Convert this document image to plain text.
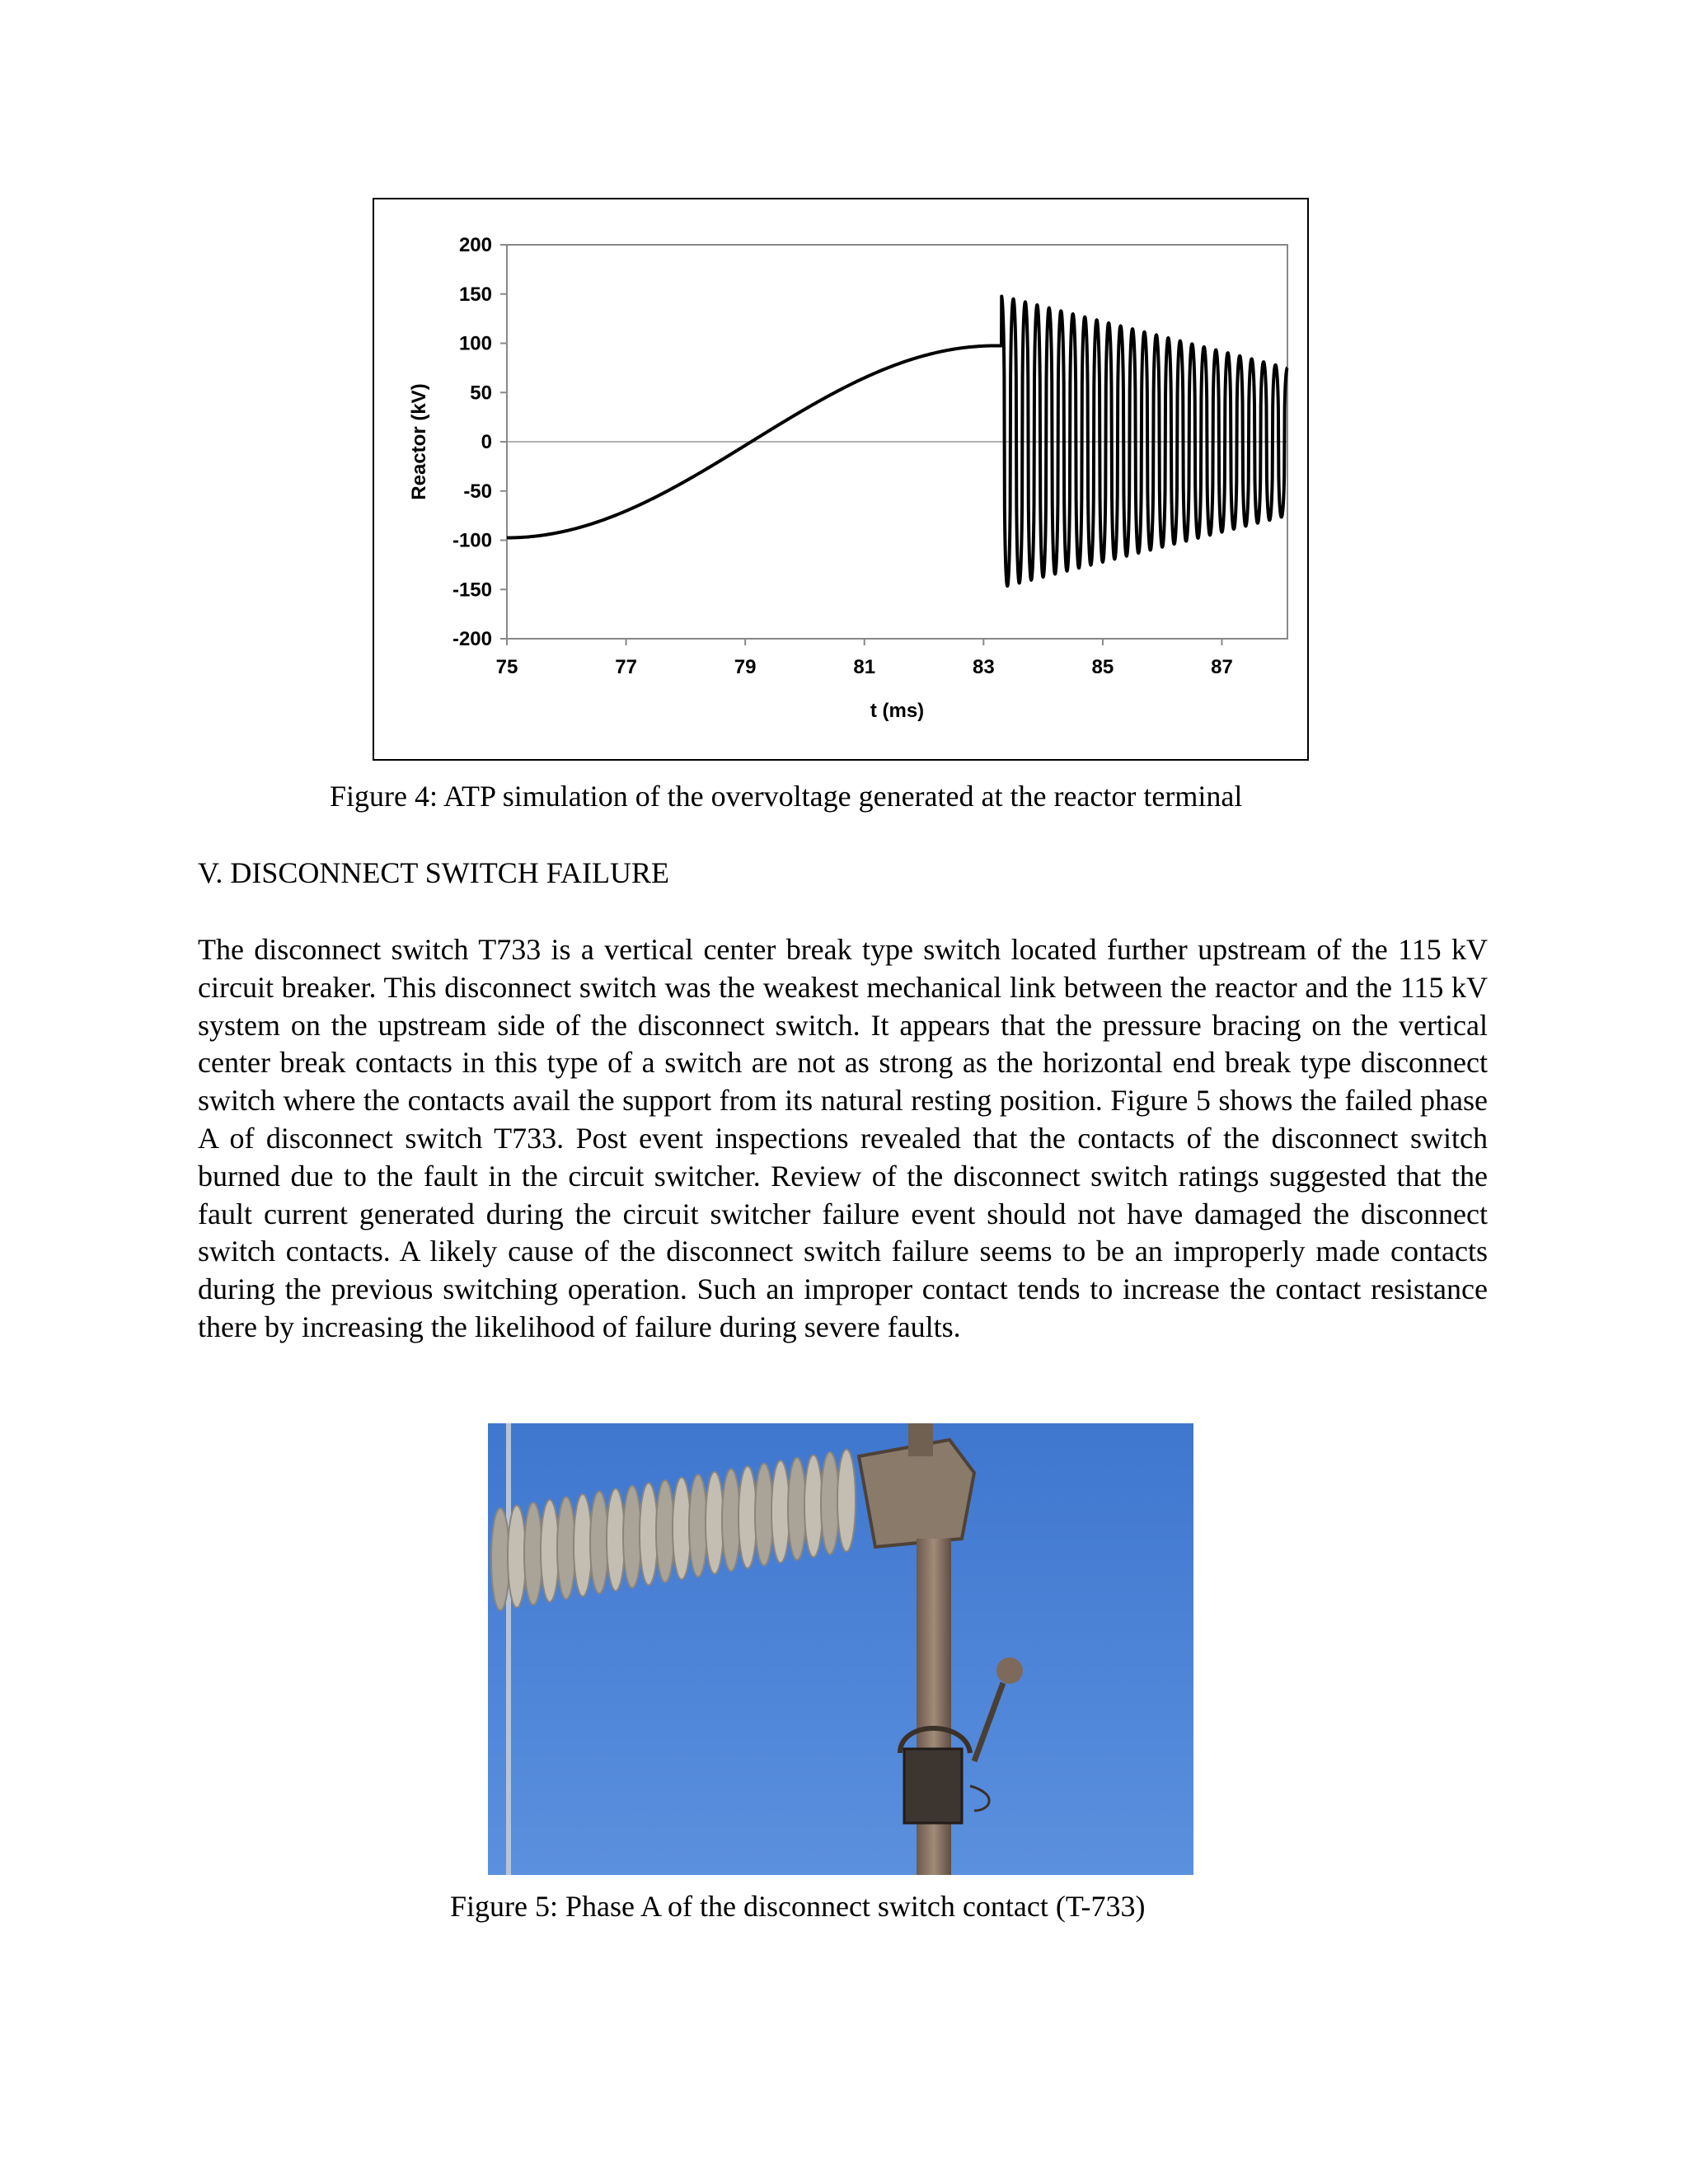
200
150
100
50
0
-50
-100
-150
-200
75	77	79	81	83	85	87
Reactor (kV)
t (ms)
Figure 4: ATP simulation of the overvoltage generated at the reactor terminal
V. DISCONNECT SWITCH FAILURE
The disconnect switch T733 is a vertical center break type switch located further upstream of the 115 kV circuit breaker. This disconnect switch was the weakest mechanical link between the reactor and the 115 kV system on the upstream side of the disconnect switch. It appears that the pressure bracing on the vertical center break contacts in this type of a switch are not as strong as the horizontal end break type disconnect switch where the contacts avail the support from its natural resting position. Figure 5 shows the failed phase A of disconnect switch T733. Post event inspections revealed that the contacts of the disconnect switch burned due to the fault in the circuit switcher. Review of the disconnect switch ratings suggested that the fault current generated during the circuit switcher failure event should not have damaged the disconnect switch contacts. A likely cause of the disconnect switch failure seems to be an improperly made contacts during the previous switching operation. Such an improper contact tends to increase the contact resistance there by increasing the likelihood of failure during severe faults.
Figure 5: Phase A of the disconnect switch contact (T-733)
